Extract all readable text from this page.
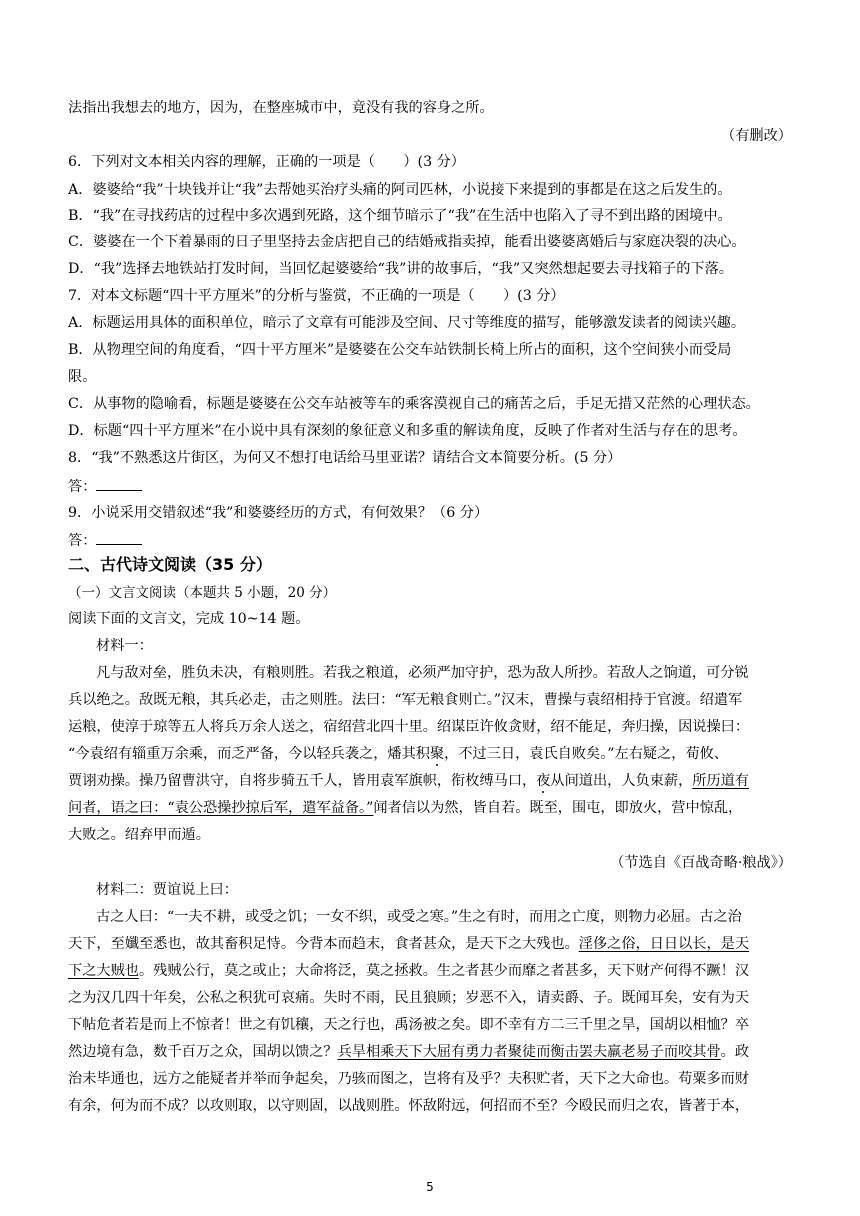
法指出我想去的地方，因为，在整座城市中，竟没有我的容身之所。
（有删改）
6．下列对文本相关内容的理解，正确的一项是（　　）(3 分）
A．婆婆给“我”十块钱并让“我”去帮她买治疗头痛的阿司匹林，小说接下来提到的事都是在这之后发生的。
B．“我”在寻找药店的过程中多次遇到死路，这个细节暗示了“我”在生活中也陷入了寻不到出路的困境中。
C．婆婆在一个下着暴雨的日子里坚持去金店把自己的结婚戒指卖掉，能看出婆婆离婚后与家庭决裂的决心。
D．“我”选择去地铁站打发时间，当回忆起婆婆给“我”讲的故事后，“我”又突然想起要去寻找箱子的下落。
7．对本文标题“四十平方厘米”的分析与鉴赏，不正确的一项是（　　）(3 分）
A．标题运用具体的面积单位，暗示了文章有可能涉及空间、尺寸等维度的描写，能够激发读者的阅读兴趣。
B．从物理空间的角度看，“四十平方厘米”是婆婆在公交车站铁制长椅上所占的面积，这个空间狭小而受局
限。
C．从事物的隐喻看，标题是婆婆在公交车站被等车的乘客漠视自己的痛苦之后，手足无措又茫然的心理状态。
D．标题“四十平方厘米”在小说中具有深刻的象征意义和多重的解读角度，反映了作者对生活与存在的思考。
8．“我”不熟悉这片街区，为何又不想打电话给马里亚诺？请结合文本简要分析。(5 分）
答：
9．小说采用交错叙述“我”和婆婆经历的方式，有何效果？（6 分）
答：
二、古代诗文阅读（35 分）
（一）文言文阅读（本题共 5 小题，20 分）
阅读下面的文言文，完成 10~14 题。
材料一：
凡与敌对垒，胜负未决，有粮则胜。若我之粮道，必须严加守护，恐为敌人所抄。若敌人之饷道，可分锐
兵以绝之。敌既无粮，其兵必走，击之则胜。法曰：“军无粮食则亡。”汉末，曹操与袁绍相持于官渡。绍遣军
运粮，使淳于琼等五人将兵万余人送之，宿绍营北四十里。绍谋臣许攸贪财，绍不能足，奔归操，因说操曰：
“今袁绍有辎重万余乘，而乏严备，今以轻兵袭之，燔其积聚，不过三日，袁氏自败矣。”左右疑之，荀攸、
贾诩劝操。操乃留曹洪守，自将步骑五千人，皆用袁军旗帜，衔枚缚马口，夜从间道出，人负束薪，所历道有
问者，语之曰：“袁公恐操抄掠后军，遣军益备。”闻者信以为然，皆自若。既至，围屯，即放火，营中惊乱，
大败之。绍弃甲而遁。
（节选自《百战奇略·粮战》）
材料二：贾谊说上曰：
古之人曰：“一夫不耕，或受之饥；一女不织，或受之寒。”生之有时，而用之亡度，则物力必屈。古之治
天下，至孅至悉也，故其畜积足恃。今背本而趋末，食者甚众，是天下之大残也。淫侈之俗，日日以长，是天
下之大贼也。残贼公行，莫之或止；大命将泛，莫之拯救。生之者甚少而靡之者甚多，天下财产何得不蹶！汉
之为汉几四十年矣，公私之积犹可哀痛。失时不雨，民且狼顾；岁恶不入，请卖爵、子。既闻耳矣，安有为天
下帖危者若是而上不惊者！世之有饥穰，天之行也，禹汤被之矣。即不幸有方二三千里之旱，国胡以相恤？卒
然边境有急，数千百万之众，国胡以馈之？兵旱相乘天下大屈有勇力者聚徒而衡击罢夫羸老易子而咬其骨。政
治未毕通也，远方之能疑者并举而争起矣，乃骇而图之，岂将有及乎？夫积贮者，天下之大命也。苟粟多而财
有余，何为而不成？以攻则取，以守则固，以战则胜。怀敌附远，何招而不至？今殴民而归之农，皆著于本，
5
